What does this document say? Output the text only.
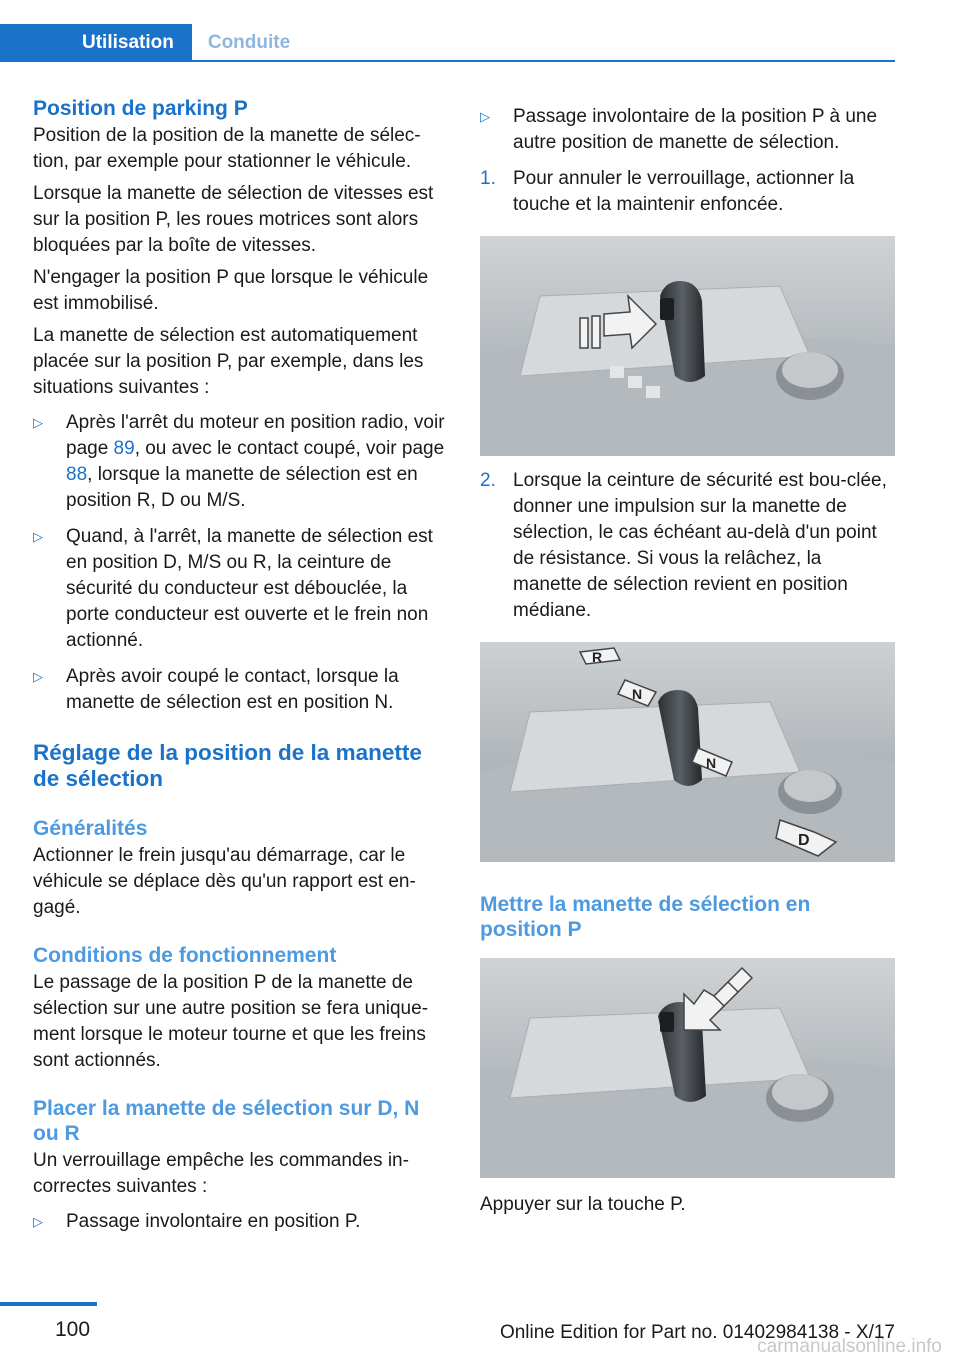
Utilisation	Conduite
Position de parking P

Position de la position de la manette de sélec-tion, par exemple pour stationner le véhicule.

Lorsque la manette de sélection de vitesses est sur la position P, les roues motrices sont alors bloquées par la boîte de vitesses.

N'engager la position P que lorsque le véhicule est immobilisé.

La manette de sélection est automatiquement placée sur la position P, par exemple, dans les situations suivantes :

▷	Après l'arrêt du moteur en position radio, voir page 89, ou avec le contact coupé, voir page 88, lorsque la manette de sélection est en position R, D ou M/S.
▷	Quand, à l'arrêt, la manette de sélection est en position D, M/S ou R, la ceinture de sécurité du conducteur est débouclée, la porte conducteur est ouverte et le frein non actionné.
▷	Après avoir coupé le contact, lorsque la manette de sélection est en position N.
Réglage de la position de la manette de sélection
Généralités

Actionner le frein jusqu'au démarrage, car le véhicule se déplace dès qu'un rapport est en-gagé.

Conditions de fonctionnement

Le passage de la position P de la manette de sélection sur une autre position se fera unique-ment lorsque le moteur tourne et que les freins sont actionnés.

Placer la manette de sélection sur D, N ou R

Un verrouillage empêche les commandes in-correctes suivantes :

▷	Passage involontaire en position P.
▷	Passage involontaire de la position P à une autre position de manette de sélection.
1. Pour annuler le verrouillage, actionner la touche et la maintenir enfoncée.
2. Lorsque la ceinture de sécurité est bou-clée, donner une impulsion sur la manette de sélection, le cas échéant au-delà d'un point de résistance. Si vous la relâchez, la manette de sélection revient en position médiane.
R
N
N
D
Mettre la manette de sélection en position P

Appuyer sur la touche P.

100	Online Edition for Part no. 01402984138 - X/17
carmanualsonline.info
